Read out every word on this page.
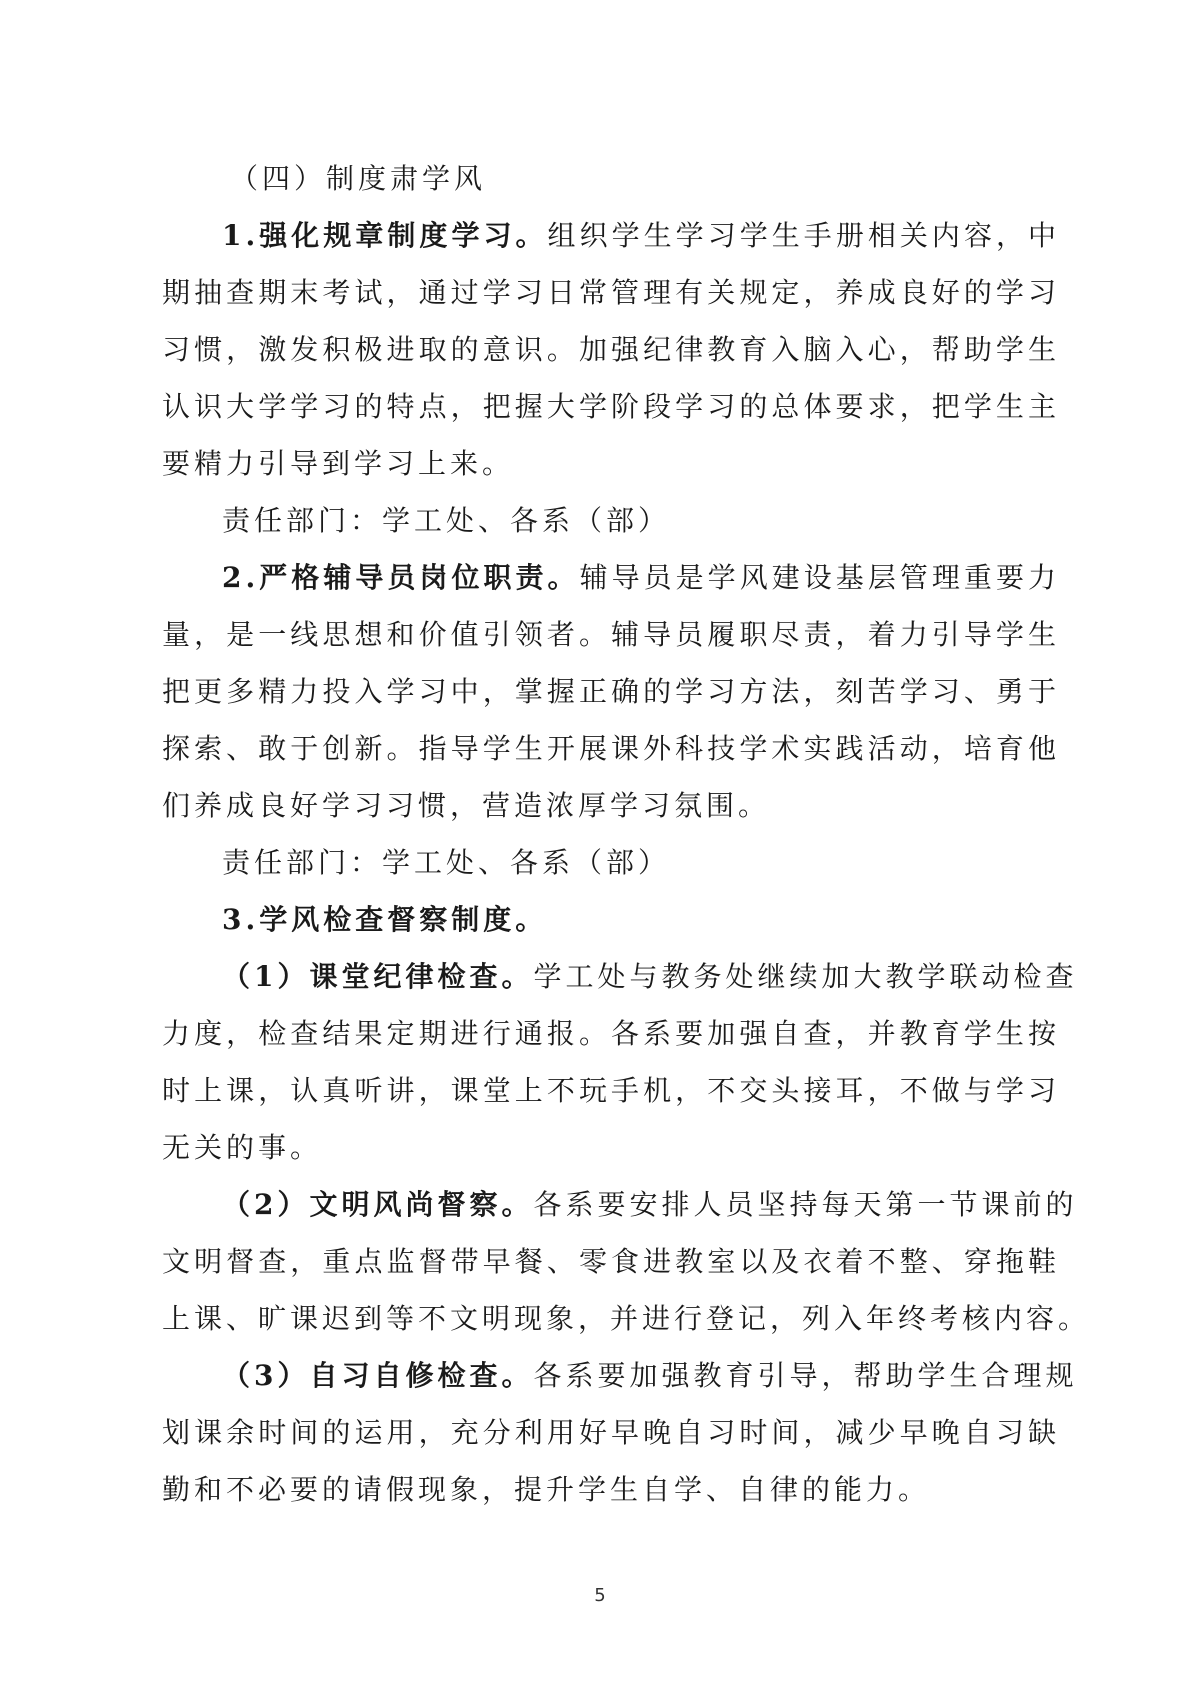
（四）制度肃学风
1.强化规章制度学习。组织学生学习学生手册相关内容，中
期抽查期末考试，通过学习日常管理有关规定，养成良好的学习
习惯，激发积极进取的意识。加强纪律教育入脑入心，帮助学生
认识大学学习的特点，把握大学阶段学习的总体要求，把学生主
要精力引导到学习上来。
责任部门：学工处、各系（部）
2.严格辅导员岗位职责。辅导员是学风建设基层管理重要力
量，是一线思想和价值引领者。辅导员履职尽责，着力引导学生
把更多精力投入学习中，掌握正确的学习方法，刻苦学习、勇于
探索、敢于创新。指导学生开展课外科技学术实践活动，培育他
们养成良好学习习惯，营造浓厚学习氛围。
责任部门：学工处、各系（部）
3.学风检查督察制度。
（1）课堂纪律检查。学工处与教务处继续加大教学联动检查
力度，检查结果定期进行通报。各系要加强自查，并教育学生按
时上课，认真听讲，课堂上不玩手机，不交头接耳，不做与学习
无关的事。
（2）文明风尚督察。各系要安排人员坚持每天第一节课前的
文明督查，重点监督带早餐、零食进教室以及衣着不整、穿拖鞋
上课、旷课迟到等不文明现象，并进行登记，列入年终考核内容。
（3）自习自修检查。各系要加强教育引导，帮助学生合理规
划课余时间的运用，充分利用好早晚自习时间，减少早晚自习缺
勤和不必要的请假现象，提升学生自学、自律的能力。
5
